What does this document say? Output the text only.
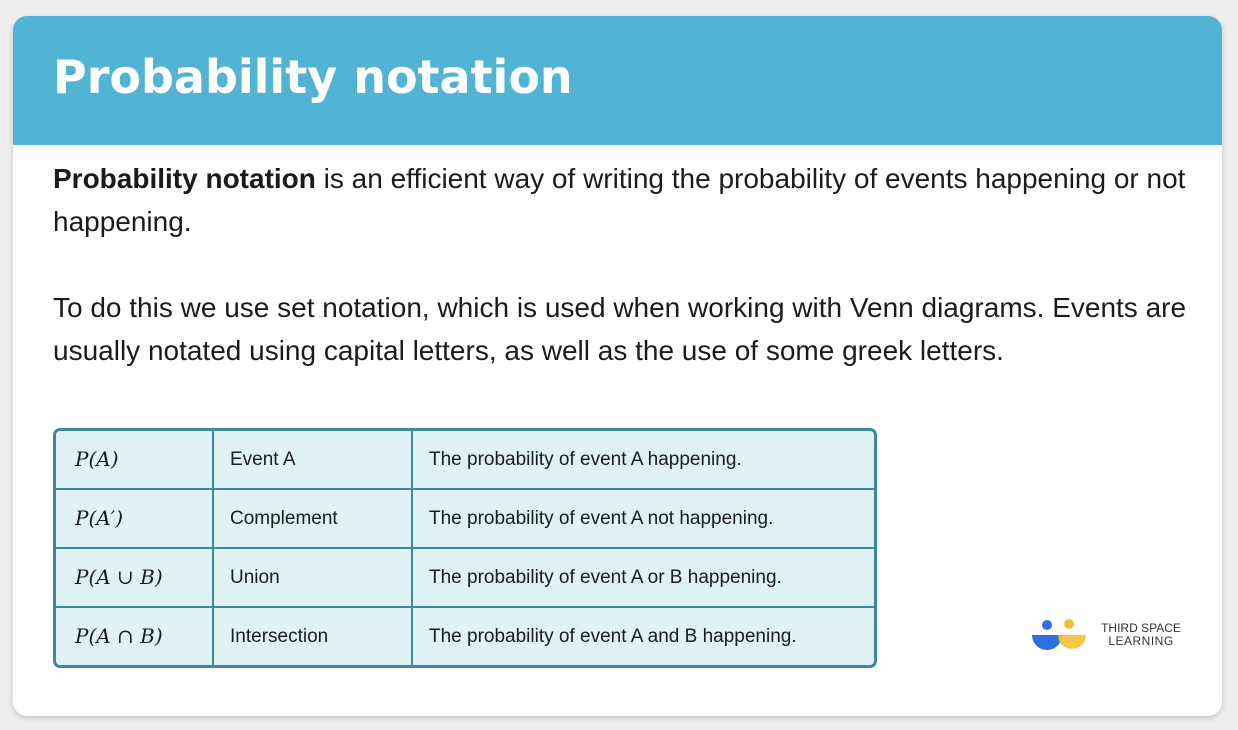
Probability notation

Probability notation is an efficient way of writing the probability of events happening or not happening.

To do this we use set notation, which is used when working with Venn diagrams. Events are usually notated using capital letters, as well as the use of some greek letters.

P(A)	Event A	The probability of event A happening.
P(A′)	Complement	The probability of event A not happening.
P(A ∪ B)	Union	The probability of event A or B happening.
P(A ∩ B)	Intersection	The probability of event A and B happening.	THIRD SPACE
LEARNING
